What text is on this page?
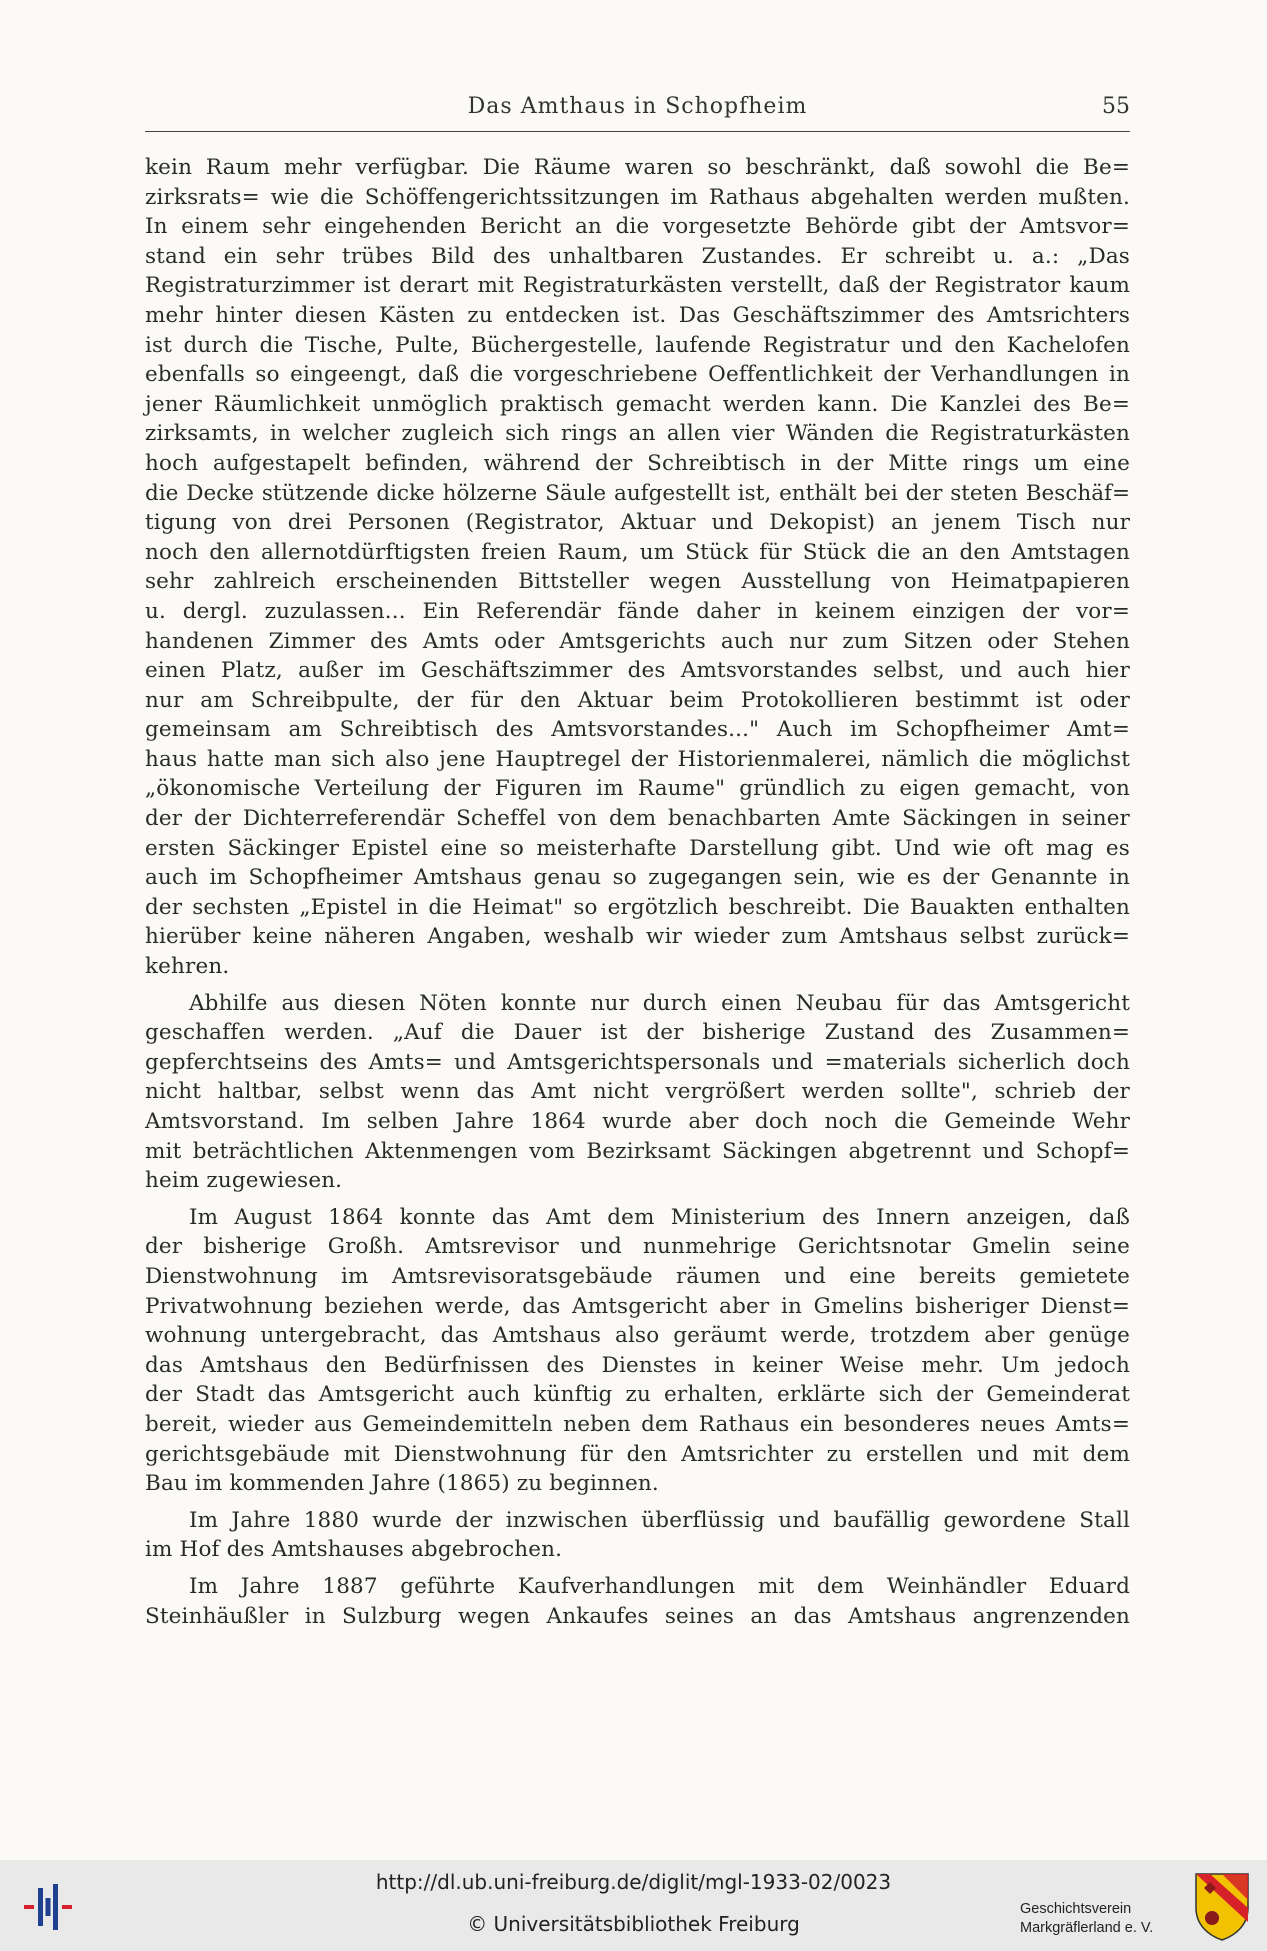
Das Amthaus in Schopfheim	55
kein Raum mehr verfügbar. Die Räume waren so beschränkt, daß sowohl die Be=
zirksrats= wie die Schöffengerichtssitzungen im Rathaus abgehalten werden mußten.
In einem sehr eingehenden Bericht an die vorgesetzte Behörde gibt der Amtsvor=
stand ein sehr trübes Bild des unhaltbaren Zustandes. Er schreibt u. a.: „Das
Registraturzimmer ist derart mit Registraturkästen verstellt, daß der Registrator kaum
mehr hinter diesen Kästen zu entdecken ist. Das Geschäftszimmer des Amtsrichters
ist durch die Tische, Pulte, Büchergestelle, laufende Registratur und den Kachelofen
ebenfalls so eingeengt, daß die vorgeschriebene Oeffentlichkeit der Verhandlungen in
jener Räumlichkeit unmöglich praktisch gemacht werden kann. Die Kanzlei des Be=
zirksamts, in welcher zugleich sich rings an allen vier Wänden die Registraturkästen
hoch aufgestapelt befinden, während der Schreibtisch in der Mitte rings um eine
die Decke stützende dicke hölzerne Säule aufgestellt ist, enthält bei der steten Beschäf=
tigung von drei Personen (Registrator, Aktuar und Dekopist) an jenem Tisch nur
noch den allernotdürftigsten freien Raum, um Stück für Stück die an den Amtstagen
sehr zahlreich erscheinenden Bittsteller wegen Ausstellung von Heimatpapieren
u. dergl. zuzulassen... Ein Referendär fände daher in keinem einzigen der vor=
handenen Zimmer des Amts oder Amtsgerichts auch nur zum Sitzen oder Stehen
einen Platz, außer im Geschäftszimmer des Amtsvorstandes selbst, und auch hier
nur am Schreibpulte, der für den Aktuar beim Protokollieren bestimmt ist oder
gemeinsam am Schreibtisch des Amtsvorstandes..." Auch im Schopfheimer Amt=
haus hatte man sich also jene Hauptregel der Historienmalerei, nämlich die möglichst
„ökonomische Verteilung der Figuren im Raume" gründlich zu eigen gemacht, von
der der Dichterreferendär Scheffel von dem benachbarten Amte Säckingen in seiner
ersten Säckinger Epistel eine so meisterhafte Darstellung gibt. Und wie oft mag es
auch im Schopfheimer Amtshaus genau so zugegangen sein, wie es der Genannte in
der sechsten „Epistel in die Heimat" so ergötzlich beschreibt. Die Bauakten enthalten
hierüber keine näheren Angaben, weshalb wir wieder zum Amtshaus selbst zurück=
kehren.
Abhilfe aus diesen Nöten konnte nur durch einen Neubau für das Amtsgericht
geschaffen werden. „Auf die Dauer ist der bisherige Zustand des Zusammen=
gepferchtseins des Amts= und Amtsgerichtspersonals und =materials sicherlich doch
nicht haltbar, selbst wenn das Amt nicht vergrößert werden sollte", schrieb der
Amtsvorstand. Im selben Jahre 1864 wurde aber doch noch die Gemeinde Wehr
mit beträchtlichen Aktenmengen vom Bezirksamt Säckingen abgetrennt und Schopf=
heim zugewiesen.
Im August 1864 konnte das Amt dem Ministerium des Innern anzeigen, daß
der bisherige Großh. Amtsrevisor und nunmehrige Gerichtsnotar Gmelin seine
Dienstwohnung im Amtsrevisoratsgebäude räumen und eine bereits gemietete
Privatwohnung beziehen werde, das Amtsgericht aber in Gmelins bisheriger Dienst=
wohnung untergebracht, das Amtshaus also geräumt werde, trotzdem aber genüge
das Amtshaus den Bedürfnissen des Dienstes in keiner Weise mehr. Um jedoch
der Stadt das Amtsgericht auch künftig zu erhalten, erklärte sich der Gemeinderat
bereit, wieder aus Gemeindemitteln neben dem Rathaus ein besonderes neues Amts=
gerichtsgebäude mit Dienstwohnung für den Amtsrichter zu erstellen und mit dem
Bau im kommenden Jahre (1865) zu beginnen.
Im Jahre 1880 wurde der inzwischen überflüssig und baufällig gewordene Stall
im Hof des Amtshauses abgebrochen.
Im Jahre 1887 geführte Kaufverhandlungen mit dem Weinhändler Eduard
Steinhäußler in Sulzburg wegen Ankaufes seines an das Amtshaus angrenzenden
http://dl.ub.uni-freiburg.de/diglit/mgl-1933-02/0023
© Universitätsbibliothek Freiburg
Geschichtsverein
Markgräflerland e. V.
